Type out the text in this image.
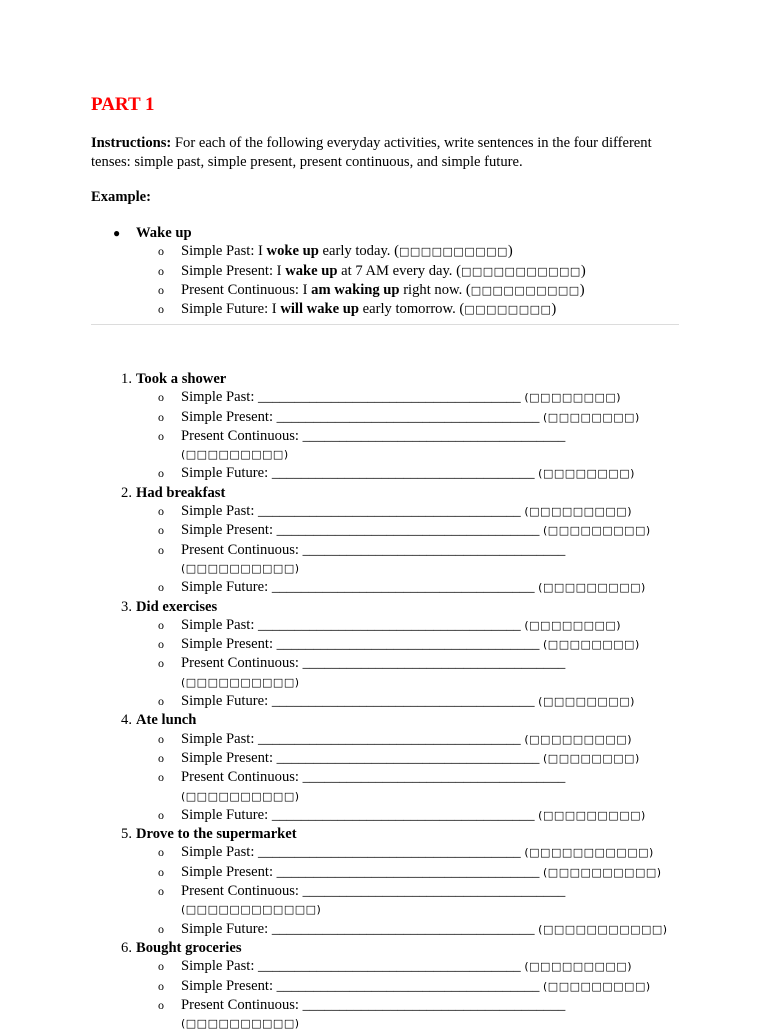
PART 1

Instructions: For each of the following everyday activities, write sentences in the four different tenses: simple past, simple present, present continuous, and simple future.

Example:

● Wake up
o Simple Past: I woke up early today. (□□□□□□□□□□)
o Simple Present: I wake up at 7 AM every day. (□□□□□□□□□□□)
o Present Continuous: I am waking up right now. (□□□□□□□□□□)
o Simple Future: I will wake up early tomorrow. (□□□□□□□□)
1. Took a shower
o Simple Past: ____________________________________ (□□□□□□□□)
o Simple Present: ____________________________________ (□□□□□□□□)
o Present Continuous: ____________________________________ (□□□□□□□□□)
o Simple Future: ____________________________________ (□□□□□□□□)
2. Had breakfast
o Simple Past: ____________________________________ (□□□□□□□□□)
o Simple Present: ____________________________________ (□□□□□□□□□)
o Present Continuous: ____________________________________ (□□□□□□□□□□)
o Simple Future: ____________________________________ (□□□□□□□□□)
3. Did exercises
o Simple Past: ____________________________________ (□□□□□□□□)
o Simple Present: ____________________________________ (□□□□□□□□)
o Present Continuous: ____________________________________ (□□□□□□□□□□)
o Simple Future: ____________________________________ (□□□□□□□□)
4. Ate lunch
o Simple Past: ____________________________________ (□□□□□□□□□)
o Simple Present: ____________________________________ (□□□□□□□□)
o Present Continuous: ____________________________________ (□□□□□□□□□□)
o Simple Future: ____________________________________ (□□□□□□□□□)
5. Drove to the supermarket
o Simple Past: ____________________________________ (□□□□□□□□□□□)
o Simple Present: ____________________________________ (□□□□□□□□□□)
o Present Continuous: ____________________________________ (□□□□□□□□□□□□)
o Simple Future: ____________________________________ (□□□□□□□□□□□)
6. Bought groceries
o Simple Past: ____________________________________ (□□□□□□□□□)
o Simple Present: ____________________________________ (□□□□□□□□□)
o Present Continuous: ____________________________________ (□□□□□□□□□□)
